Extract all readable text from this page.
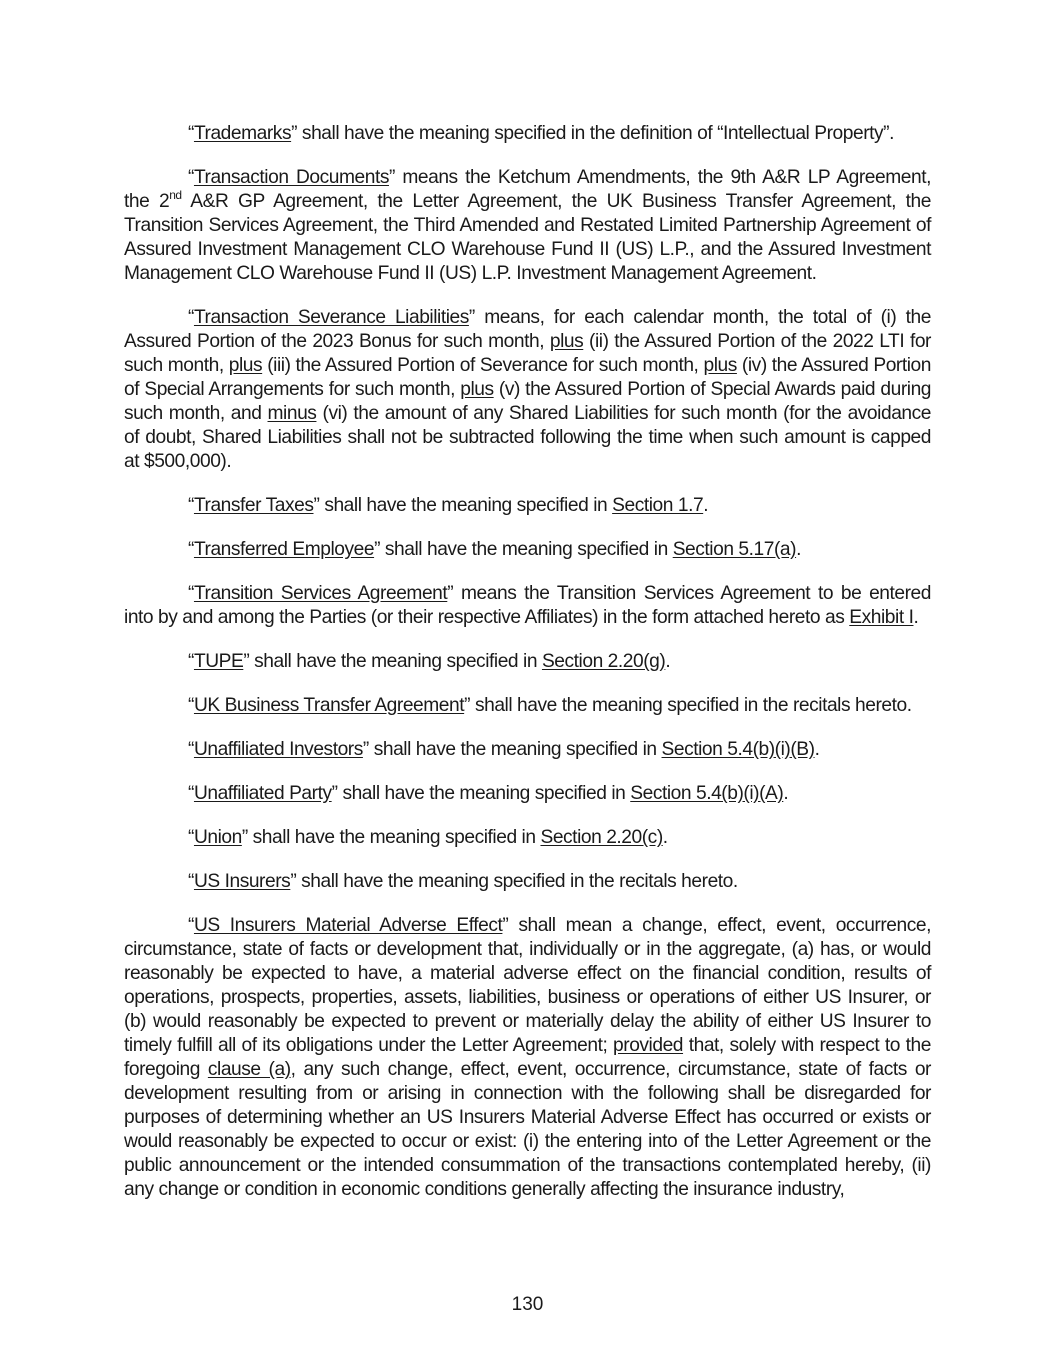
“Trademarks” shall have the meaning specified in the definition of “Intellectual Property”.

“Transaction Documents” means the Ketchum Amendments, the 9th A&R LP Agreement, the 2nd A&R GP Agreement, the Letter Agreement, the UK Business Transfer Agreement, the Transition Services Agreement, the Third Amended and Restated Limited Partnership Agreement of Assured Investment Management CLO Warehouse Fund II (US) L.P., and the Assured Investment Management CLO Warehouse Fund II (US) L.P. Investment Management Agreement.

“Transaction Severance Liabilities” means, for each calendar month, the total of (i) the Assured Portion of the 2023 Bonus for such month, plus (ii) the Assured Portion of the 2022 LTI for such month, plus (iii) the Assured Portion of Severance for such month, plus (iv) the Assured Portion of Special Arrangements for such month, plus (v) the Assured Portion of Special Awards paid during such month, and minus (vi) the amount of any Shared Liabilities for such month (for the avoidance of doubt, Shared Liabilities shall not be subtracted following the time when such amount is capped at $500,000).

“Transfer Taxes” shall have the meaning specified in Section 1.7.

“Transferred Employee” shall have the meaning specified in Section 5.17(a).

“Transition Services Agreement” means the Transition Services Agreement to be entered into by and among the Parties (or their respective Affiliates) in the form attached hereto as Exhibit I.

“TUPE” shall have the meaning specified in Section 2.20(g).

“UK Business Transfer Agreement” shall have the meaning specified in the recitals hereto.

“Unaffiliated Investors” shall have the meaning specified in Section 5.4(b)(i)(B).

“Unaffiliated Party” shall have the meaning specified in Section 5.4(b)(i)(A).

“Union” shall have the meaning specified in Section 2.20(c).

“US Insurers” shall have the meaning specified in the recitals hereto.

“US Insurers Material Adverse Effect” shall mean a change, effect, event, occurrence, circumstance, state of facts or development that, individually or in the aggregate, (a) has, or would reasonably be expected to have, a material adverse effect on the financial condition, results of operations, prospects, properties, assets, liabilities, business or operations of either US Insurer, or (b) would reasonably be expected to prevent or materially delay the ability of either US Insurer to timely fulfill all of its obligations under the Letter Agreement; provided that, solely with respect to the foregoing clause (a), any such change, effect, event, occurrence, circumstance, state of facts or development resulting from or arising in connection with the following shall be disregarded for purposes of determining whether an US Insurers Material Adverse Effect has occurred or exists or would reasonably be expected to occur or exist: (i) the entering into of the Letter Agreement or the public announcement or the intended consummation of the transactions contemplated hereby, (ii) any change or condition in economic conditions generally affecting the insurance industry,

130
